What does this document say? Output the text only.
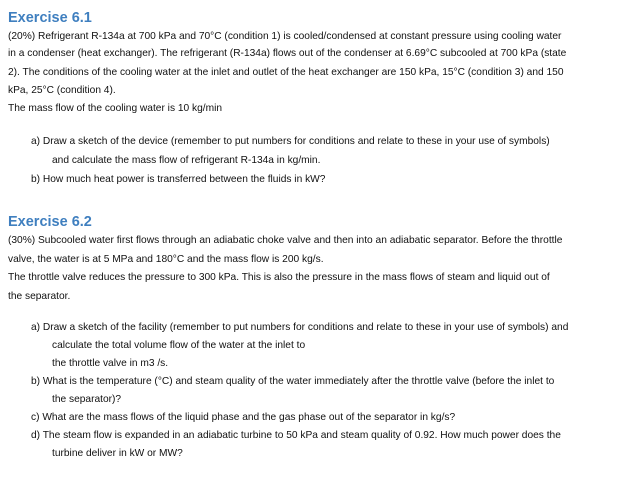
Exercise 6.1
(20%) Refrigerant R-134a at 700 kPa and 70°C (condition 1) is cooled/condensed at constant pressure using cooling water
in a condenser (heat exchanger). The refrigerant (R-134a) flows out of the condenser at 6.69°C subcooled at 700 kPa (state
2). The conditions of the cooling water at the inlet and outlet of the heat exchanger are 150 kPa, 15°C (condition 3) and 150
kPa, 25°C (condition 4).
The mass flow of the cooling water is 10 kg/min
a) Draw a sketch of the device (remember to put numbers for conditions and relate to these in your use of symbols)
and calculate the mass flow of refrigerant R-134a in kg/min.
b) How much heat power is transferred between the fluids in kW?
Exercise 6.2
(30%) Subcooled water first flows through an adiabatic choke valve and then into an adiabatic separator. Before the throttle
valve, the water is at 5 MPa and 180°C and the mass flow is 200 kg/s.
The throttle valve reduces the pressure to 300 kPa. This is also the pressure in the mass flows of steam and liquid out of
the separator.
a) Draw a sketch of the facility (remember to put numbers for conditions and relate to these in your use of symbols) and
calculate the total volume flow of the water at the inlet to
the throttle valve in m3 /s.
b) What is the temperature (°C) and steam quality of the water immediately after the throttle valve (before the inlet to
the separator)?
c) What are the mass flows of the liquid phase and the gas phase out of the separator in kg/s?
d) The steam flow is expanded in an adiabatic turbine to 50 kPa and steam quality of 0.92. How much power does the
turbine deliver in kW or MW?
